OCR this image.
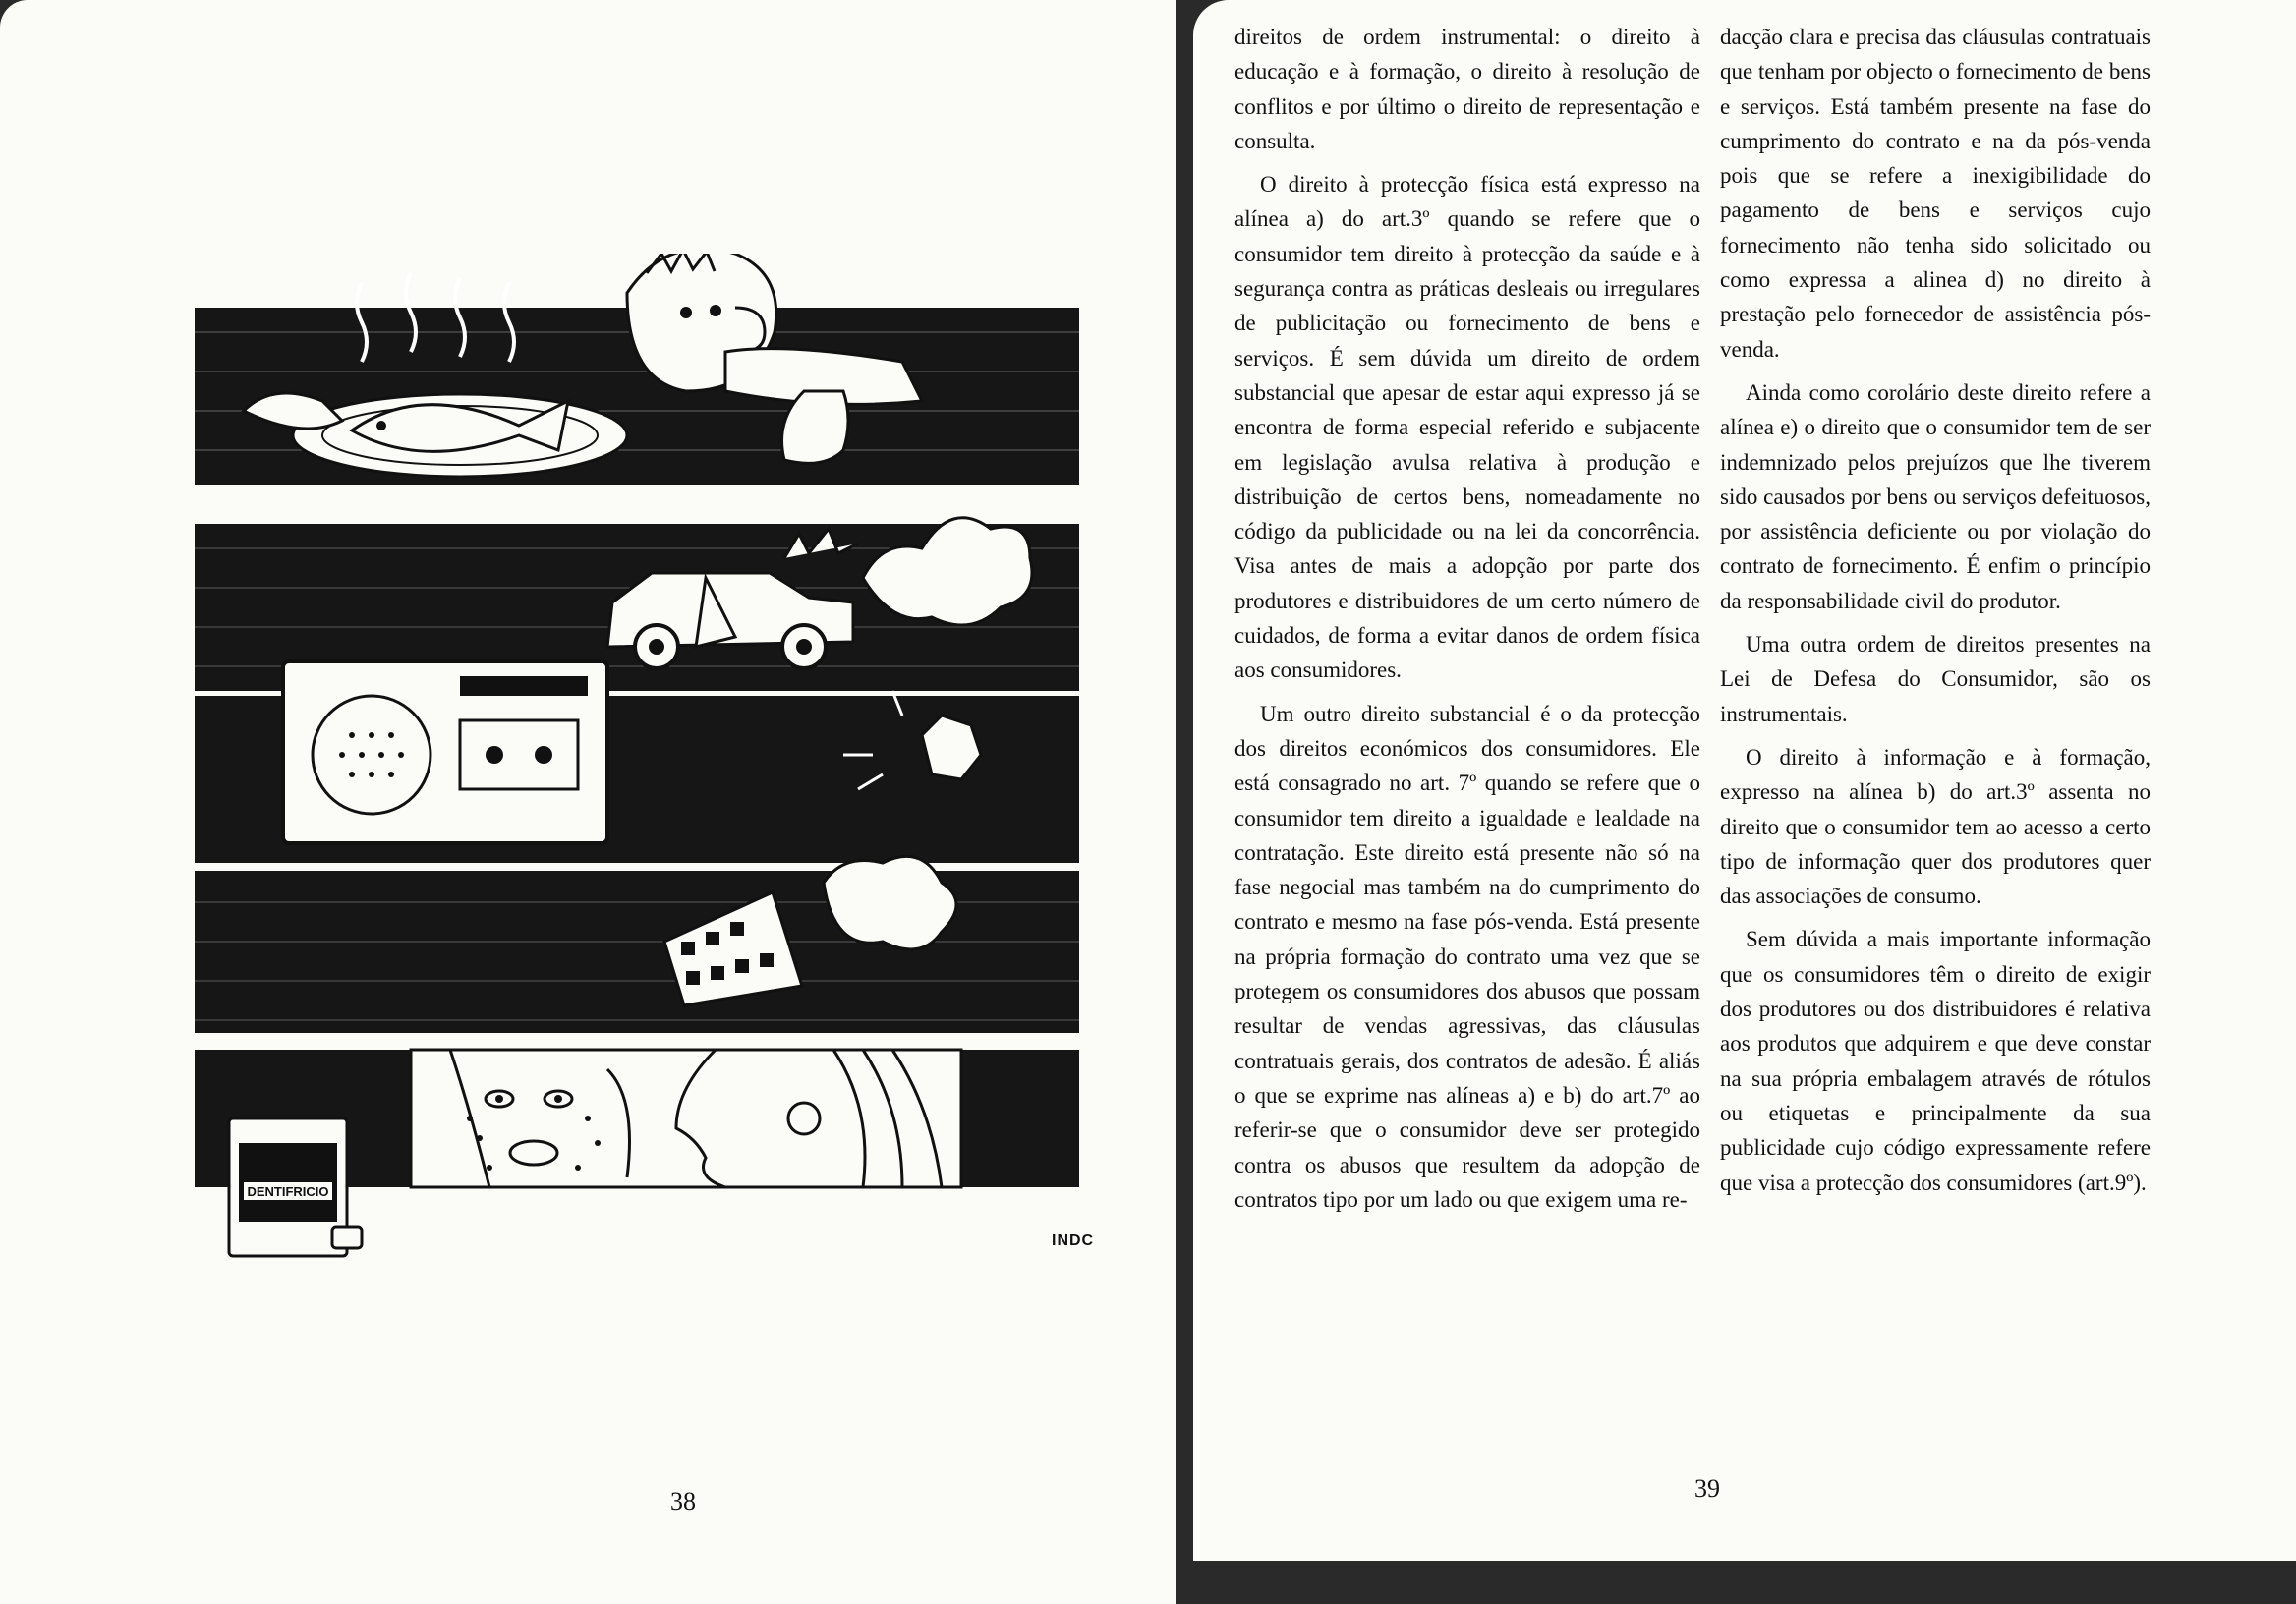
DENTIFRICIO
INDC
38

direitos de ordem instrumental: o direito à educação e à formação, o direito à resolução de conflitos e por último o direito de representação e consulta.

O direito à protecção física está expresso na alínea a) do art.3º quando se refere que o consumidor tem direito à protecção da saúde e à segurança contra as práticas desleais ou irregulares de publicitação ou fornecimento de bens e serviços. É sem dúvida um direito de ordem substancial que apesar de estar aqui expresso já se encontra de forma especial referido e subjacente em legislação avulsa relativa à produção e distribuição de certos bens, nomeadamente no código da publicidade ou na lei da concorrência. Visa antes de mais a adopção por parte dos produtores e distribuidores de um certo número de cuidados, de forma a evitar danos de ordem física aos consumidores.

Um outro direito substancial é o da protecção dos direitos económicos dos consumidores. Ele está consagrado no art. 7º quando se refere que o consumidor tem direito a igualdade e lealdade na contratação. Este direito está presente não só na fase negocial mas também na do cumprimento do contrato e mesmo na fase pós-venda. Está presente na própria formação do contrato uma vez que se protegem os consumidores dos abusos que possam resultar de vendas agressivas, das cláusulas contratuais gerais, dos contratos de adesão. É aliás o que se exprime nas alíneas a) e b) do art.7º ao referir-se que o consumidor deve ser protegido contra os abusos que resultem da adopção de contratos tipo por um lado ou que exigem uma re-

dacção clara e precisa das cláusulas contratuais que tenham por objecto o fornecimento de bens e serviços. Está também presente na fase do cumprimento do contrato e na da pós-venda pois que se refere a inexigibilidade do pagamento de bens e serviços cujo fornecimento não tenha sido solicitado ou como expressa a alinea d) no direito à prestação pelo fornecedor de assistência pós-venda.

Ainda como corolário deste direito refere a alínea e) o direito que o consumidor tem de ser indemnizado pelos prejuízos que lhe tiverem sido causados por bens ou serviços defeituosos, por assistência deficiente ou por violação do contrato de fornecimento. É enfim o princípio da responsabilidade civil do produtor.

Uma outra ordem de direitos presentes na Lei de Defesa do Consumidor, são os instrumentais.

O direito à informação e à formação, expresso na alínea b) do art.3º assenta no direito que o consumidor tem ao acesso a certo tipo de informação quer dos produtores quer das associações de consumo.

Sem dúvida a mais importante informação que os consumidores têm o direito de exigir dos produtores ou dos distribuidores é relativa aos produtos que adquirem e que deve constar na sua própria embalagem através de rótulos ou etiquetas e principalmente da sua publicidade cujo código expressamente refere que visa a protecção dos consumidores (art.9º).

39
